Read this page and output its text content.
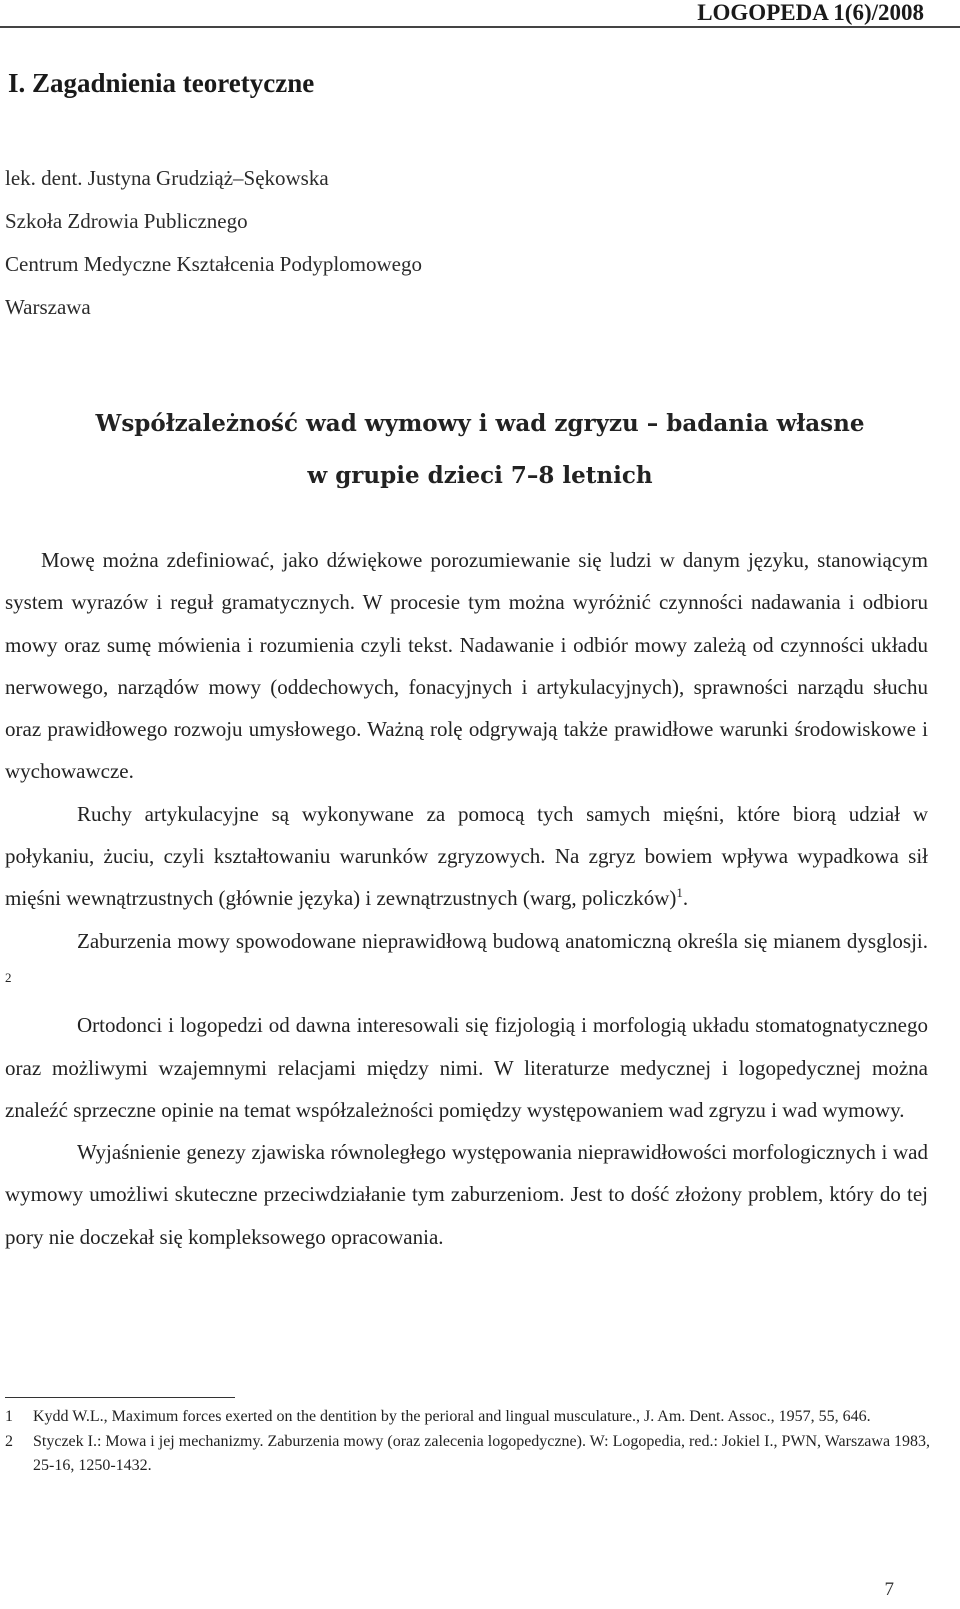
LOGOPEDA 1(6)/2008
I. Zagadnienia teoretyczne
lek. dent. Justyna Grudziąż–Sękowska
Szkoła Zdrowia Publicznego
Centrum Medyczne Kształcenia Podyplomowego
Warszawa
Współzależność wad wymowy i wad zgryzu – badania własne
w grupie dzieci 7–8 letnich

Mowę można zdefiniować, jako dźwiękowe porozumiewanie się ludzi w danym języku, stanowiącym system wyrazów i reguł gramatycznych. W procesie tym można wyróżnić czynności nadawania i odbioru mowy oraz sumę mówienia i rozumienia czyli tekst. Nadawanie i odbiór mowy zależą od czynności układu nerwowego, narządów mowy (oddechowych, fonacyjnych i artykulacyjnych), sprawności narządu słuchu oraz prawidłowego rozwoju umysłowego. Ważną rolę odgrywają także prawidłowe warunki środowiskowe i wychowawcze.

Ruchy artykulacyjne są wykonywane za pomocą tych samych mięśni, które biorą udział w połykaniu, żuciu, czyli kształtowaniu warunków zgryzowych. Na zgryz bowiem wpływa wypadkowa sił mięśni wewnątrzustnych (głównie języka) i zewnątrzustnych (warg, policzków)$^1$.

Zaburzenia mowy spowodowane nieprawidłową budową anatomiczną określa się mianem dysglosji. $^2$

Ortodonci i logopedzi od dawna interesowali się fizjologią i morfologią układu stomatognatycznego oraz możliwymi wzajemnymi relacjami między nimi. W literaturze medycznej i logopedycznej można znaleźć sprzeczne opinie na temat współzależności pomiędzy występowaniem wad zgryzu i wad wymowy.

Wyjaśnienie genezy zjawiska równoległego występowania nieprawidłowości morfologicznych i wad wymowy umożliwi skuteczne przeciwdziałanie tym zaburzeniom. Jest to dość złożony problem, który do tej pory nie doczekał się kompleksowego opracowania.

1 Kydd W.L., Maximum forces exerted on the dentition by the perioral and lingual musculature., J. Am. Dent. Assoc., 1957, 55, 646.
2 Styczek I.: Mowa i jej mechanizmy. Zaburzenia mowy (oraz zalecenia logopedyczne). W: Logopedia, red.: Jokiel I., PWN, Warszawa 1983, 25-16, 1250-1432.
7
